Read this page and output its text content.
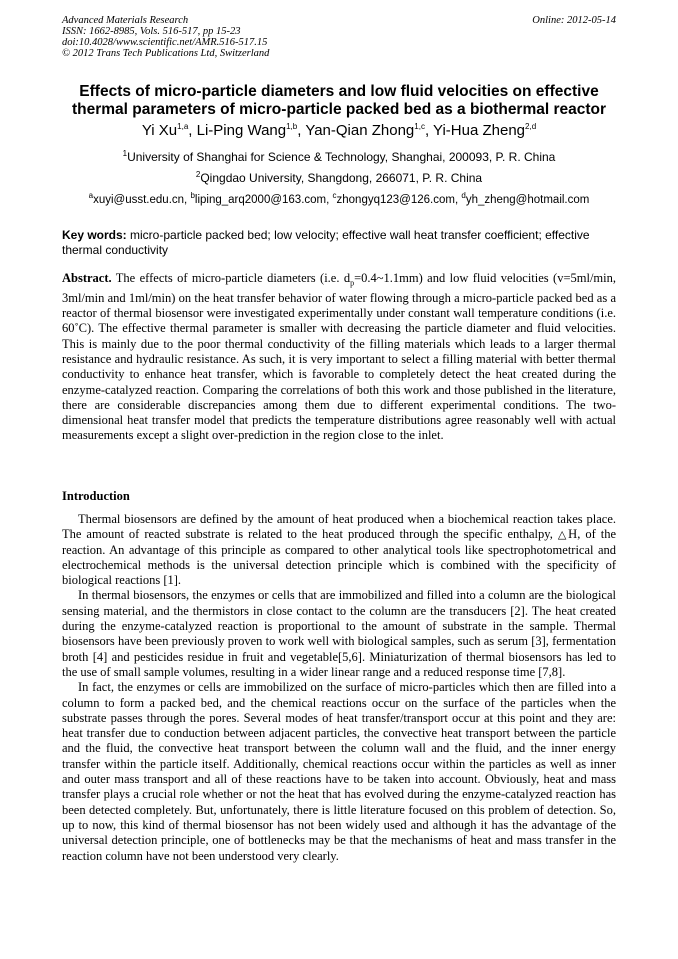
Advanced Materials Research
ISSN: 1662-8985, Vols. 516-517, pp 15-23
doi:10.4028/www.scientific.net/AMR.516-517.15
© 2012 Trans Tech Publications Ltd, Switzerland
Online: 2012-05-14
Effects of micro-particle diameters and low fluid velocities on effective
thermal parameters of micro-particle packed bed as a biothermal reactor
Yi Xu$^{1,a}$, Li-Ping Wang$^{1,b}$, Yan-Qian Zhong$^{1,c}$, Yi-Hua Zheng$^{2,d}$
$^1$University of Shanghai for Science & Technology, Shanghai, 200093, P. R. China
$^2$Qingdao University, Shangdong, 266071, P. R. China
$^a$xuyi@usst.edu.cn, $^b$liping_arq2000@163.com, $^c$zhongyq123@126.com, $^d$yh_zheng@hotmail.com
Key words: micro-particle packed bed; low velocity; effective wall heat transfer coefficient; effective thermal conductivity
Abstract. The effects of micro-particle diameters (i.e. $d_p=0.4\sim 1.1mm$) and low fluid velocities (v=5ml/min, 3ml/min and 1ml/min) on the heat transfer behavior of water flowing through a micro-particle packed bed as a reactor of thermal biosensor were investigated experimentally under constant wall temperature conditions (i.e. 60˚C). The effective thermal parameter is smaller with decreasing the particle diameter and fluid velocities. This is mainly due to the poor thermal conductivity of the filling materials which leads to a larger thermal resistance and hydraulic resistance. As such, it is very important to select a filling material with better thermal conductivity to enhance heat transfer, which is favorable to completely detect the heat created during the enzyme-catalyzed reaction. Comparing the correlations of both this work and those published in the literature, there are considerable discrepancies among them due to different experimental conditions. The two-dimensional heat transfer model that predicts the temperature distributions agree reasonably well with actual measurements except a slight over-prediction in the region close to the inlet.
Introduction

Thermal biosensors are defined by the amount of heat produced when a biochemical reaction takes place. The amount of reacted substrate is related to the heat produced through the specific enthalpy, △H, of the reaction. An advantage of this principle as compared to other analytical tools like spectrophotometrical and electrochemical methods is the universal detection principle which is combined with the specificity of biological reactions [1].

In thermal biosensors, the enzymes or cells that are immobilized and filled into a column are the biological sensing material, and the thermistors in close contact to the column are the transducers [2]. The heat created during the enzyme-catalyzed reaction is proportional to the amount of substrate in the sample. Thermal biosensors have been previously proven to work well with biological samples, such as serum [3], fermentation broth [4] and pesticides residue in fruit and vegetable[5,6]. Miniaturization of thermal biosensors has led to the use of small sample volumes, resulting in a wider linear range and a reduced response time [7,8].

In fact, the enzymes or cells are immobilized on the surface of micro-particles which then are filled into a column to form a packed bed, and the chemical reactions occur on the surface of the particles when the substrate passes through the pores. Several modes of heat transfer/transport occur at this point and they are: heat transfer due to conduction between adjacent particles, the convective heat transport between the particle and the fluid, the convective heat transport between the column wall and the fluid, and the inner energy transfer within the particle itself. Additionally, chemical reactions occur within the particles as well as inner and outer mass transport and all of these reactions have to be taken into account. Obviously, heat and mass transfer plays a crucial role whether or not the heat that has evolved during the enzyme-catalyzed reaction has been detected completely. But, unfortunately, there is little literature focused on this problem of detection. So, up to now, this kind of thermal biosensor has not been widely used and although it has the advantage of the universal detection principle, one of bottlenecks may be that the mechanisms of heat and mass transfer in the reaction column have not been understood very clearly.
